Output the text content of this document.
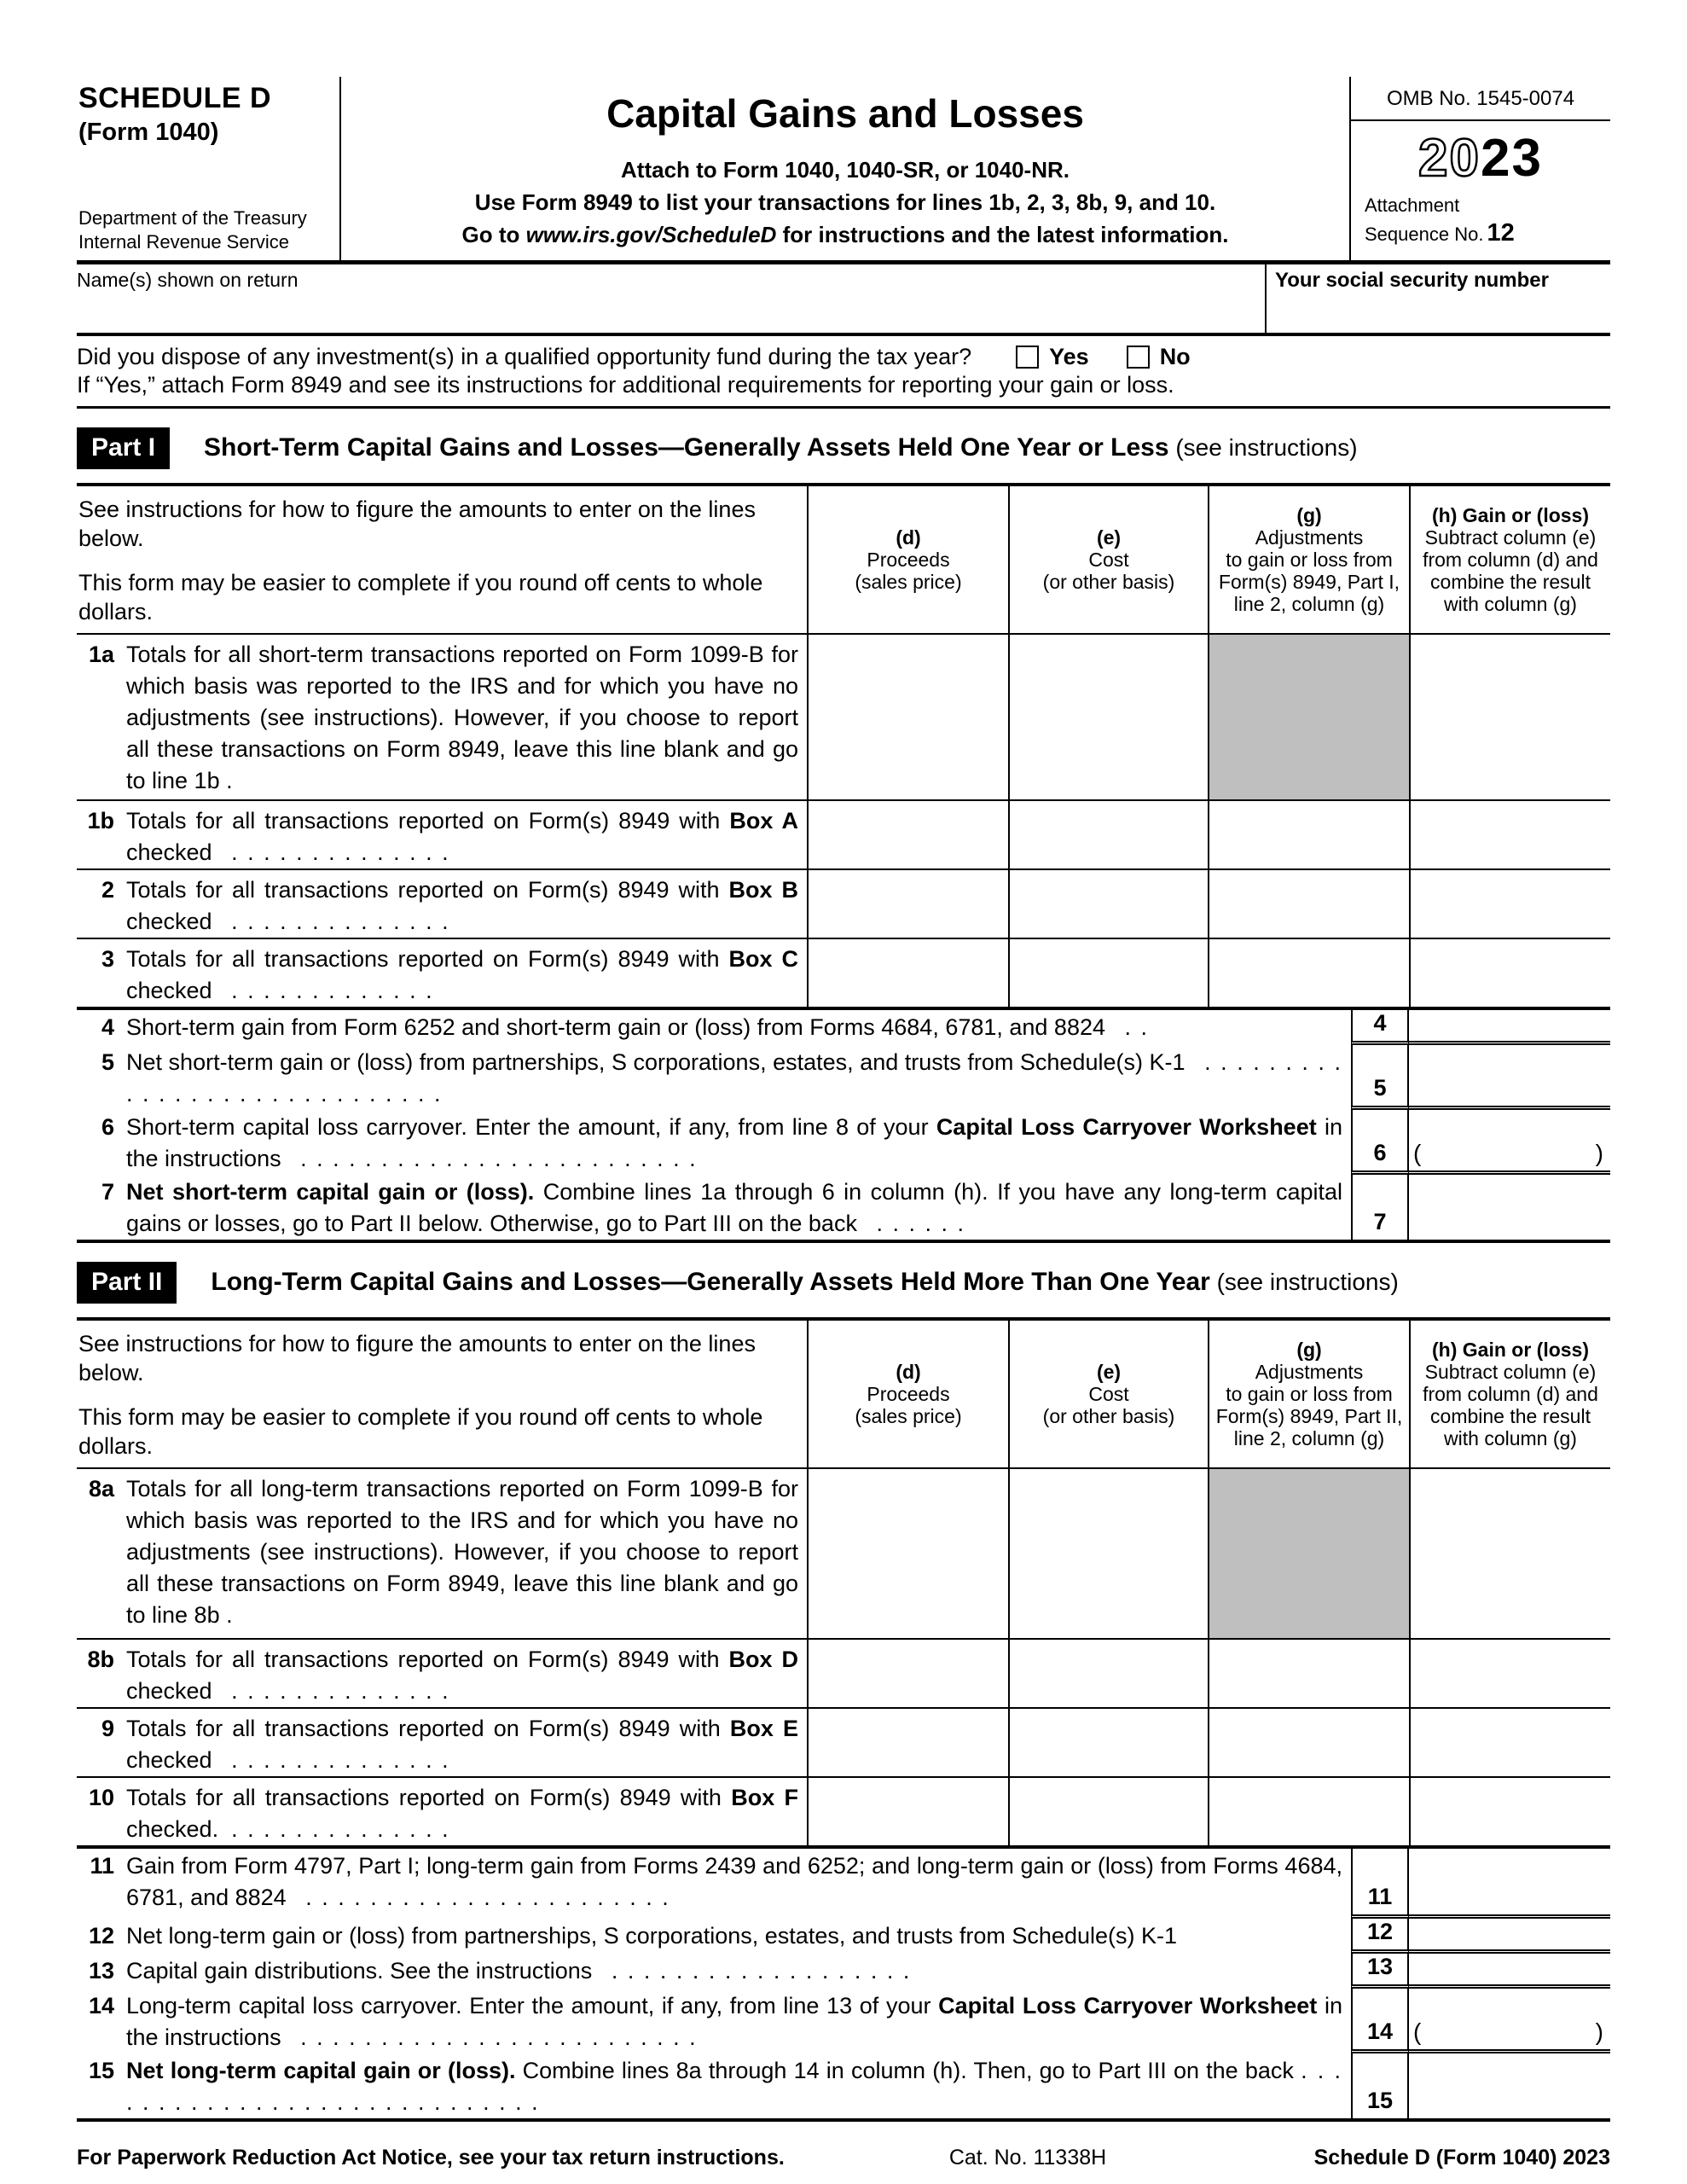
SCHEDULE D
(Form 1040)
Department of the Treasury
Internal Revenue Service
Capital Gains and Losses
Attach to Form 1040, 1040-SR, or 1040-NR.
Use Form 8949 to list your transactions for lines 1b, 2, 3, 8b, 9, and 10.
Go to www.irs.gov/ScheduleD for instructions and the latest information.
OMB No. 1545-0074
2023
Attachment
Sequence No. 12
Name(s) shown on return	Your social security number
Did you dispose of any investment(s) in a qualified opportunity fund during the tax year?	Yes	No
If “Yes,” attach Form 8949 and see its instructions for additional requirements for reporting your gain or loss.
Part I	Short-Term Capital Gains and Losses—Generally Assets Held One Year or Less (see instructions)
See instructions for how to figure the amounts to enter on the lines below.
This form may be easier to complete if you round off cents to whole dollars.
(d)
Proceeds
(sales price)
(e)
Cost
(or other basis)
(g)
Adjustments
to gain or loss from
Form(s) 8949, Part I,
line 2, column (g)
(h) Gain or (loss)
Subtract column (e)
from column (d) and
combine the result
with column (g)
1a Totals for all short-term transactions reported on Form 1099-B for which basis was reported to the IRS and for which you have no adjustments (see instructions). However, if you choose to report all these transactions on Form 8949, leave this line blank and go to line 1b .
1b Totals for all transactions reported on Form(s) 8949 with Box A checked . . . . . . . . . . . . . .
2 Totals for all transactions reported on Form(s) 8949 with Box B checked . . . . . . . . . . . . . .
3 Totals for all transactions reported on Form(s) 8949 with Box C checked . . . . . . . . . . . . .
4 Short-term gain from Form 6252 and short-term gain or (loss) from Forms 4684, 6781, and 8824 . .	4
5 Net short-term gain or (loss) from partnerships, S corporations, estates, and trusts from Schedule(s) K-1 . . . . . . . . . . . . . . . . . . . . . . . . . . . . .	5
6 Short-term capital loss carryover. Enter the amount, if any, from line 8 of your Capital Loss Carryover Worksheet in the instructions . . . . . . . . . . . . . . . . . . . . . . . . .	6	(	)
7 Net short-term capital gain or (loss). Combine lines 1a through 6 in column (h). If you have any long-term capital gains or losses, go to Part II below. Otherwise, go to Part III on the back . . . . . .	7
Part II	Long-Term Capital Gains and Losses—Generally Assets Held More Than One Year (see instructions)
See instructions for how to figure the amounts to enter on the lines below.
This form may be easier to complete if you round off cents to whole dollars.
(d)
Proceeds
(sales price)
(e)
Cost
(or other basis)
(g)
Adjustments
to gain or loss from
Form(s) 8949, Part II,
line 2, column (g)
(h) Gain or (loss)
Subtract column (e)
from column (d) and
combine the result
with column (g)
8a Totals for all long-term transactions reported on Form 1099-B for which basis was reported to the IRS and for which you have no adjustments (see instructions). However, if you choose to report all these transactions on Form 8949, leave this line blank and go to line 8b .
8b Totals for all transactions reported on Form(s) 8949 with Box D checked . . . . . . . . . . . . . .
9 Totals for all transactions reported on Form(s) 8949 with Box E checked . . . . . . . . . . . . . .
10 Totals for all transactions reported on Form(s) 8949 with Box F checked. . . . . . . . . . . . . . .
11 Gain from Form 4797, Part I; long-term gain from Forms 2439 and 6252; and long-term gain or (loss) from Forms 4684, 6781, and 8824 . . . . . . . . . . . . . . . . . . . . . . .	11
12 Net long-term gain or (loss) from partnerships, S corporations, estates, and trusts from Schedule(s) K-1	12
13 Capital gain distributions. See the instructions . . . . . . . . . . . . . . . . . . .	13
14 Long-term capital loss carryover. Enter the amount, if any, from line 13 of your Capital Loss Carryover Worksheet in the instructions . . . . . . . . . . . . . . . . . . . . . . . . .	14 (	)
15 Net long-term capital gain or (loss). Combine lines 8a through 14 in column (h). Then, go to Part III on the back . . . . . . . . . . . . . . . . . . . . . . . . . . . . .	15
For Paperwork Reduction Act Notice, see your tax return instructions.	Cat. No. 11338H	Schedule D (Form 1040) 2023
